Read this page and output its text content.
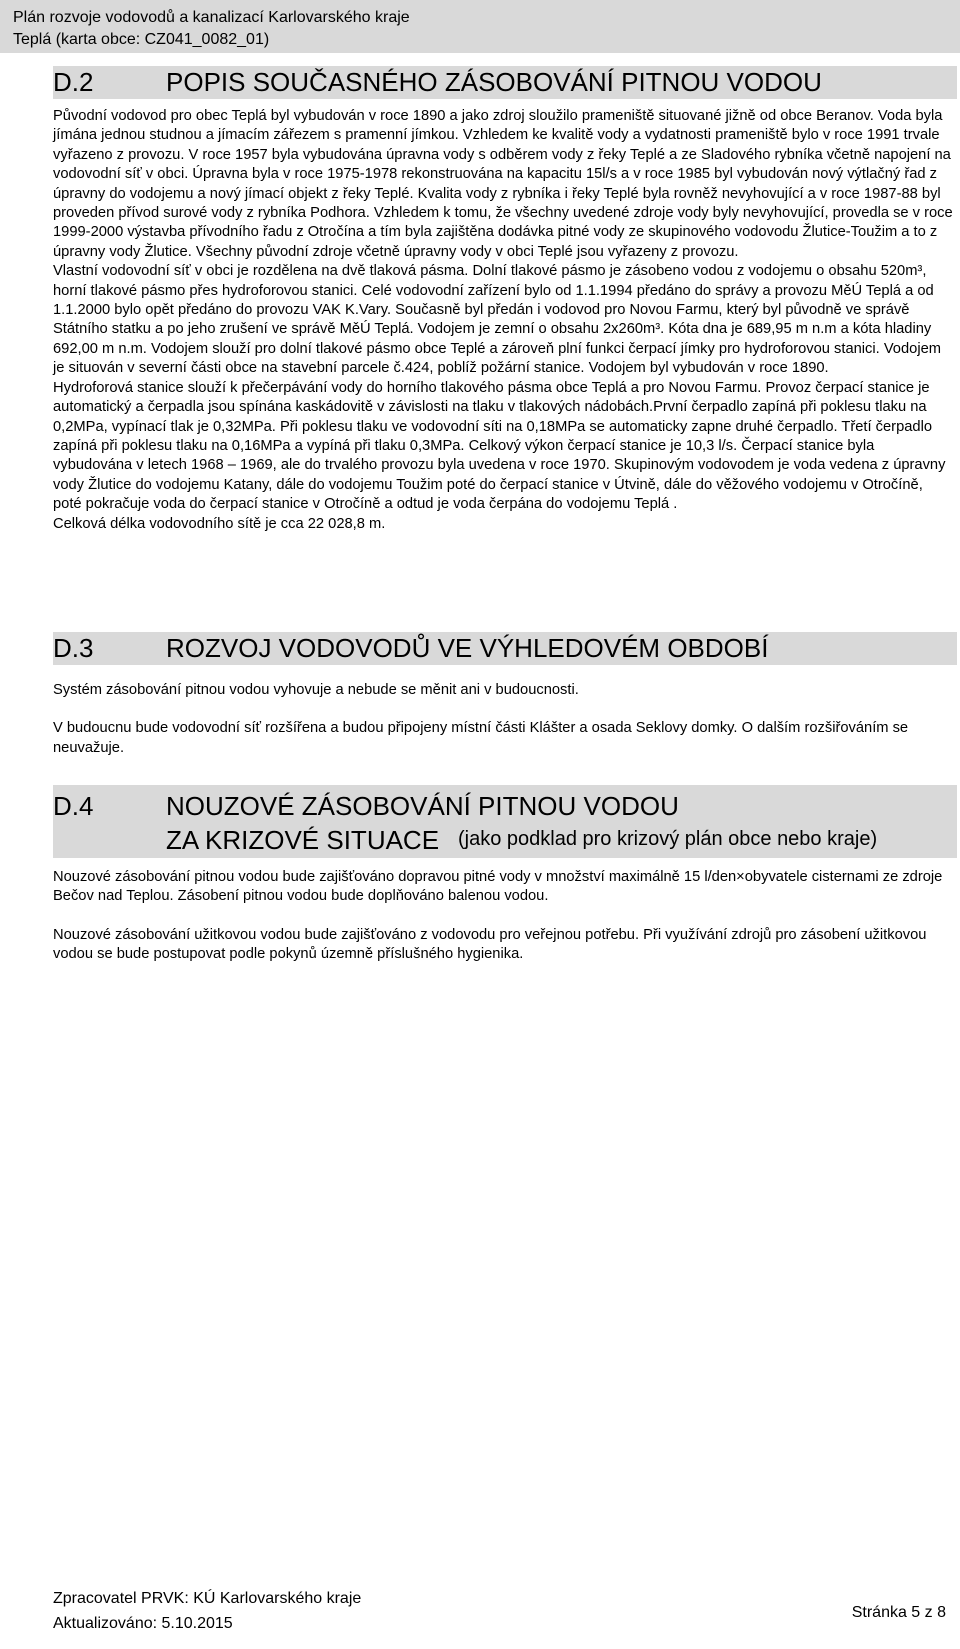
Plán rozvoje vodovodů a kanalizací Karlovarského kraje
Teplá (karta obce: CZ041_0082_01)
D.2	POPIS SOUČASNÉHO ZÁSOBOVÁNÍ PITNOU VODOU

Původní vodovod pro obec Teplá byl vybudován v roce 1890 a jako zdroj sloužilo prameniště situované jižně od obce Beranov. Voda byla jímána jednou studnou a jímacím zářezem s pramenní jímkou. Vzhledem ke kvalitě vody a vydatnosti prameniště bylo v roce 1991 trvale vyřazeno z provozu. V roce 1957 byla vybudována úpravna vody s odběrem vody z řeky Teplé a ze Sladového rybníka včetně napojení na vodovodní síť v obci. Úpravna byla v roce 1975-1978 rekonstruována na kapacitu 15l/s a v roce 1985 byl vybudován nový výtlačný řad z úpravny do vodojemu a nový jímací objekt z řeky Teplé. Kvalita vody z rybníka i řeky Teplé byla rovněž nevyhovující a v roce 1987-88 byl proveden přívod surové vody z rybníka Podhora. Vzhledem k tomu, že všechny uvedené zdroje vody byly nevyhovující, provedla se v roce 1999-2000 výstavba přívodního řadu z Otročína a tím byla zajištěna dodávka pitné vody ze skupinového vodovodu Žlutice-Toužim a to z úpravny vody Žlutice. Všechny původní zdroje včetně úpravny vody v obci Teplé jsou vyřazeny z provozu.

Vlastní vodovodní síť v obci je rozdělena na dvě tlaková pásma. Dolní tlakové pásmo je zásobeno vodou z vodojemu o obsahu 520m³, horní tlakové pásmo přes hydroforovou stanici. Celé vodovodní zařízení bylo od 1.1.1994 předáno do správy a provozu MěÚ Teplá a od 1.1.2000 bylo opět předáno do provozu VAK K.Vary. Současně byl předán i vodovod pro Novou Farmu, který byl původně ve správě Státního statku a po jeho zrušení ve správě MěÚ Teplá. Vodojem je zemní o obsahu 2x260m³. Kóta dna je 689,95 m n.m a kóta hladiny 692,00 m n.m. Vodojem slouží pro dolní tlakové pásmo obce Teplé a zároveň plní funkci čerpací jímky pro hydroforovou stanici. Vodojem je situován v severní části obce na stavební parcele č.424, poblíž požární stanice. Vodojem byl vybudován v roce 1890.

Hydroforová stanice slouží k přečerpávání vody do horního tlakového pásma obce Teplá a pro Novou Farmu. Provoz čerpací stanice je automatický a čerpadla jsou spínána kaskádovitě v závislosti na tlaku v tlakových nádobách.První čerpadlo zapíná při poklesu tlaku na 0,2MPa, vypínací tlak je 0,32MPa. Při poklesu tlaku ve vodovodní síti na 0,18MPa se automaticky zapne druhé čerpadlo. Třetí čerpadlo zapíná při poklesu tlaku na 0,16MPa a vypíná při tlaku 0,3MPa. Celkový výkon čerpací stanice je 10,3 l/s. Čerpací stanice byla vybudována v letech 1968 – 1969, ale do trvalého provozu byla uvedena v roce 1970. Skupinovým vodovodem je voda vedena z úpravny vody Žlutice do vodojemu Katany, dále do vodojemu Toužim poté do čerpací stanice v Útvině, dále do věžového vodojemu v Otročíně, poté pokračuje voda do čerpací stanice v Otročíně a odtud je voda čerpána do vodojemu Teplá .

Celková délka vodovodního sítě je cca 22 028,8 m.

D.3	ROZVOJ VODOVODŮ VE VÝHLEDOVÉM OBDOBÍ

Systém zásobování pitnou vodou vyhovuje a nebude se měnit ani v budoucnosti.

V budoucnu bude vodovodní síť rozšířena a budou připojeny místní části Klášter a osada Seklovy domky. O dalším rozšiřováním se neuvažuje.

D.4	NOUZOVÉ ZÁSOBOVÁNÍ PITNOU VODOU
ZA KRIZOVÉ SITUACE (jako podklad pro krizový plán obce nebo kraje)

Nouzové zásobování pitnou vodou bude zajišťováno dopravou pitné vody v množství maximálně 15 l/den×obyvatele cisternami ze zdroje Bečov nad Teplou. Zásobení pitnou vodou bude doplňováno balenou vodou.

Nouzové zásobování užitkovou vodou bude zajišťováno z vodovodu pro veřejnou potřebu. Při využívání zdrojů pro zásobení užitkovou vodou se bude postupovat podle pokynů územně příslušného hygienika.

Zpracovatel PRVK: KÚ Karlovarského kraje
Aktualizováno: 5.10.2015
Stránka 5 z 8
